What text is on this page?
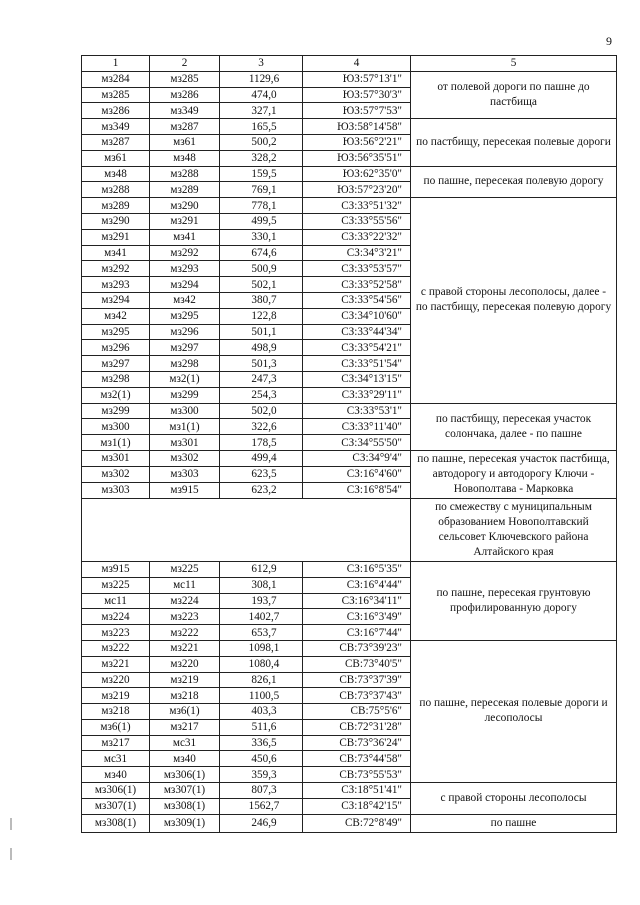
9
1	2	3	4	5
мз284	мз285	1129,6	ЮЗ:57°13'1"	от полевой дороги по пашне до пастбища
мз285	мз286	474,0	ЮЗ:57°30'3"	
мз286	мз349	327,1	ЮЗ:57°7'53"	
мз349	мз287	165,5	ЮЗ:58°14'58"	по пастбищу, пересекая полевые дороги
мз287	мз61	500,2	ЮЗ:56°2'21"	
мз61	мз48	328,2	ЮЗ:56°35'51"	
мз48	мз288	159,5	ЮЗ:62°35'0"	по пашне, пересекая полевую дорогу
мз288	мз289	769,1	ЮЗ:57°23'20"	
мз289	мз290	778,1	СЗ:33°51'32"	с правой стороны лесополосы, далее - по пастбищу, пересекая полевую дорогу
мз290	мз291	499,5	СЗ:33°55'56"	
мз291	мз41	330,1	СЗ:33°22'32"	
мз41	мз292	674,6	СЗ:34°3'21"	
мз292	мз293	500,9	СЗ:33°53'57"	
мз293	мз294	502,1	СЗ:33°52'58"	
мз294	мз42	380,7	СЗ:33°54'56"	
мз42	мз295	122,8	СЗ:34°10'60"	
мз295	мз296	501,1	СЗ:33°44'34"	
мз296	мз297	498,9	СЗ:33°54'21"	
мз297	мз298	501,3	СЗ:33°51'54"	
мз298	мз2(1)	247,3	СЗ:34°13'15"	
мз2(1)	мз299	254,3	СЗ:33°29'11"	
мз299	мз300	502,0	СЗ:33°53'1"	по пастбищу, пересекая участок солончака, далее - по пашне
мз300	мз1(1)	322,6	СЗ:33°11'40"	
мз1(1)	мз301	178,5	СЗ:34°55'50"	
мз301	мз302	499,4	СЗ:34°9'4"	по пашне, пересекая участок пастбища, автодорогу и автодорогу Ключи - Новополтава - Марковка
мз302	мз303	623,5	СЗ:16°4'60"	
мз303	мз915	623,2	СЗ:16°8'54"	
				по смежеству с муниципальным образованием Новополтавский сельсовет Ключевского района Алтайского края
мз915	мз225	612,9	СЗ:16°5'35"	по пашне, пересекая грунтовую профилированную дорогу
мз225	мс11	308,1	СЗ:16°4'44"	
мс11	мз224	193,7	СЗ:16°34'11"	
мз224	мз223	1402,7	СЗ:16°3'49"	
мз223	мз222	653,7	СЗ:16°7'44"	
мз222	мз221	1098,1	СВ:73°39'23"	по пашне, пересекая полевые дороги и лесополосы
мз221	мз220	1080,4	СВ:73°40'5"	
мз220	мз219	826,1	СВ:73°37'39"	
мз219	мз218	1100,5	СВ:73°37'43"	
мз218	мз6(1)	403,3	СВ:75°5'6"	
мз6(1)	мз217	511,6	СВ:72°31'28"	
мз217	мс31	336,5	СВ:73°36'24"	
мс31	мз40	450,6	СВ:73°44'58"	
мз40	мз306(1)	359,3	СВ:73°55'53"	
мз306(1)	мз307(1)	807,3	СЗ:18°51'41"	с правой стороны лесополосы
мз307(1)	мз308(1)	1562,7	СЗ:18°42'15"	
мз308(1)	мз309(1)	246,9	СВ:72°8'49"	по пашне
